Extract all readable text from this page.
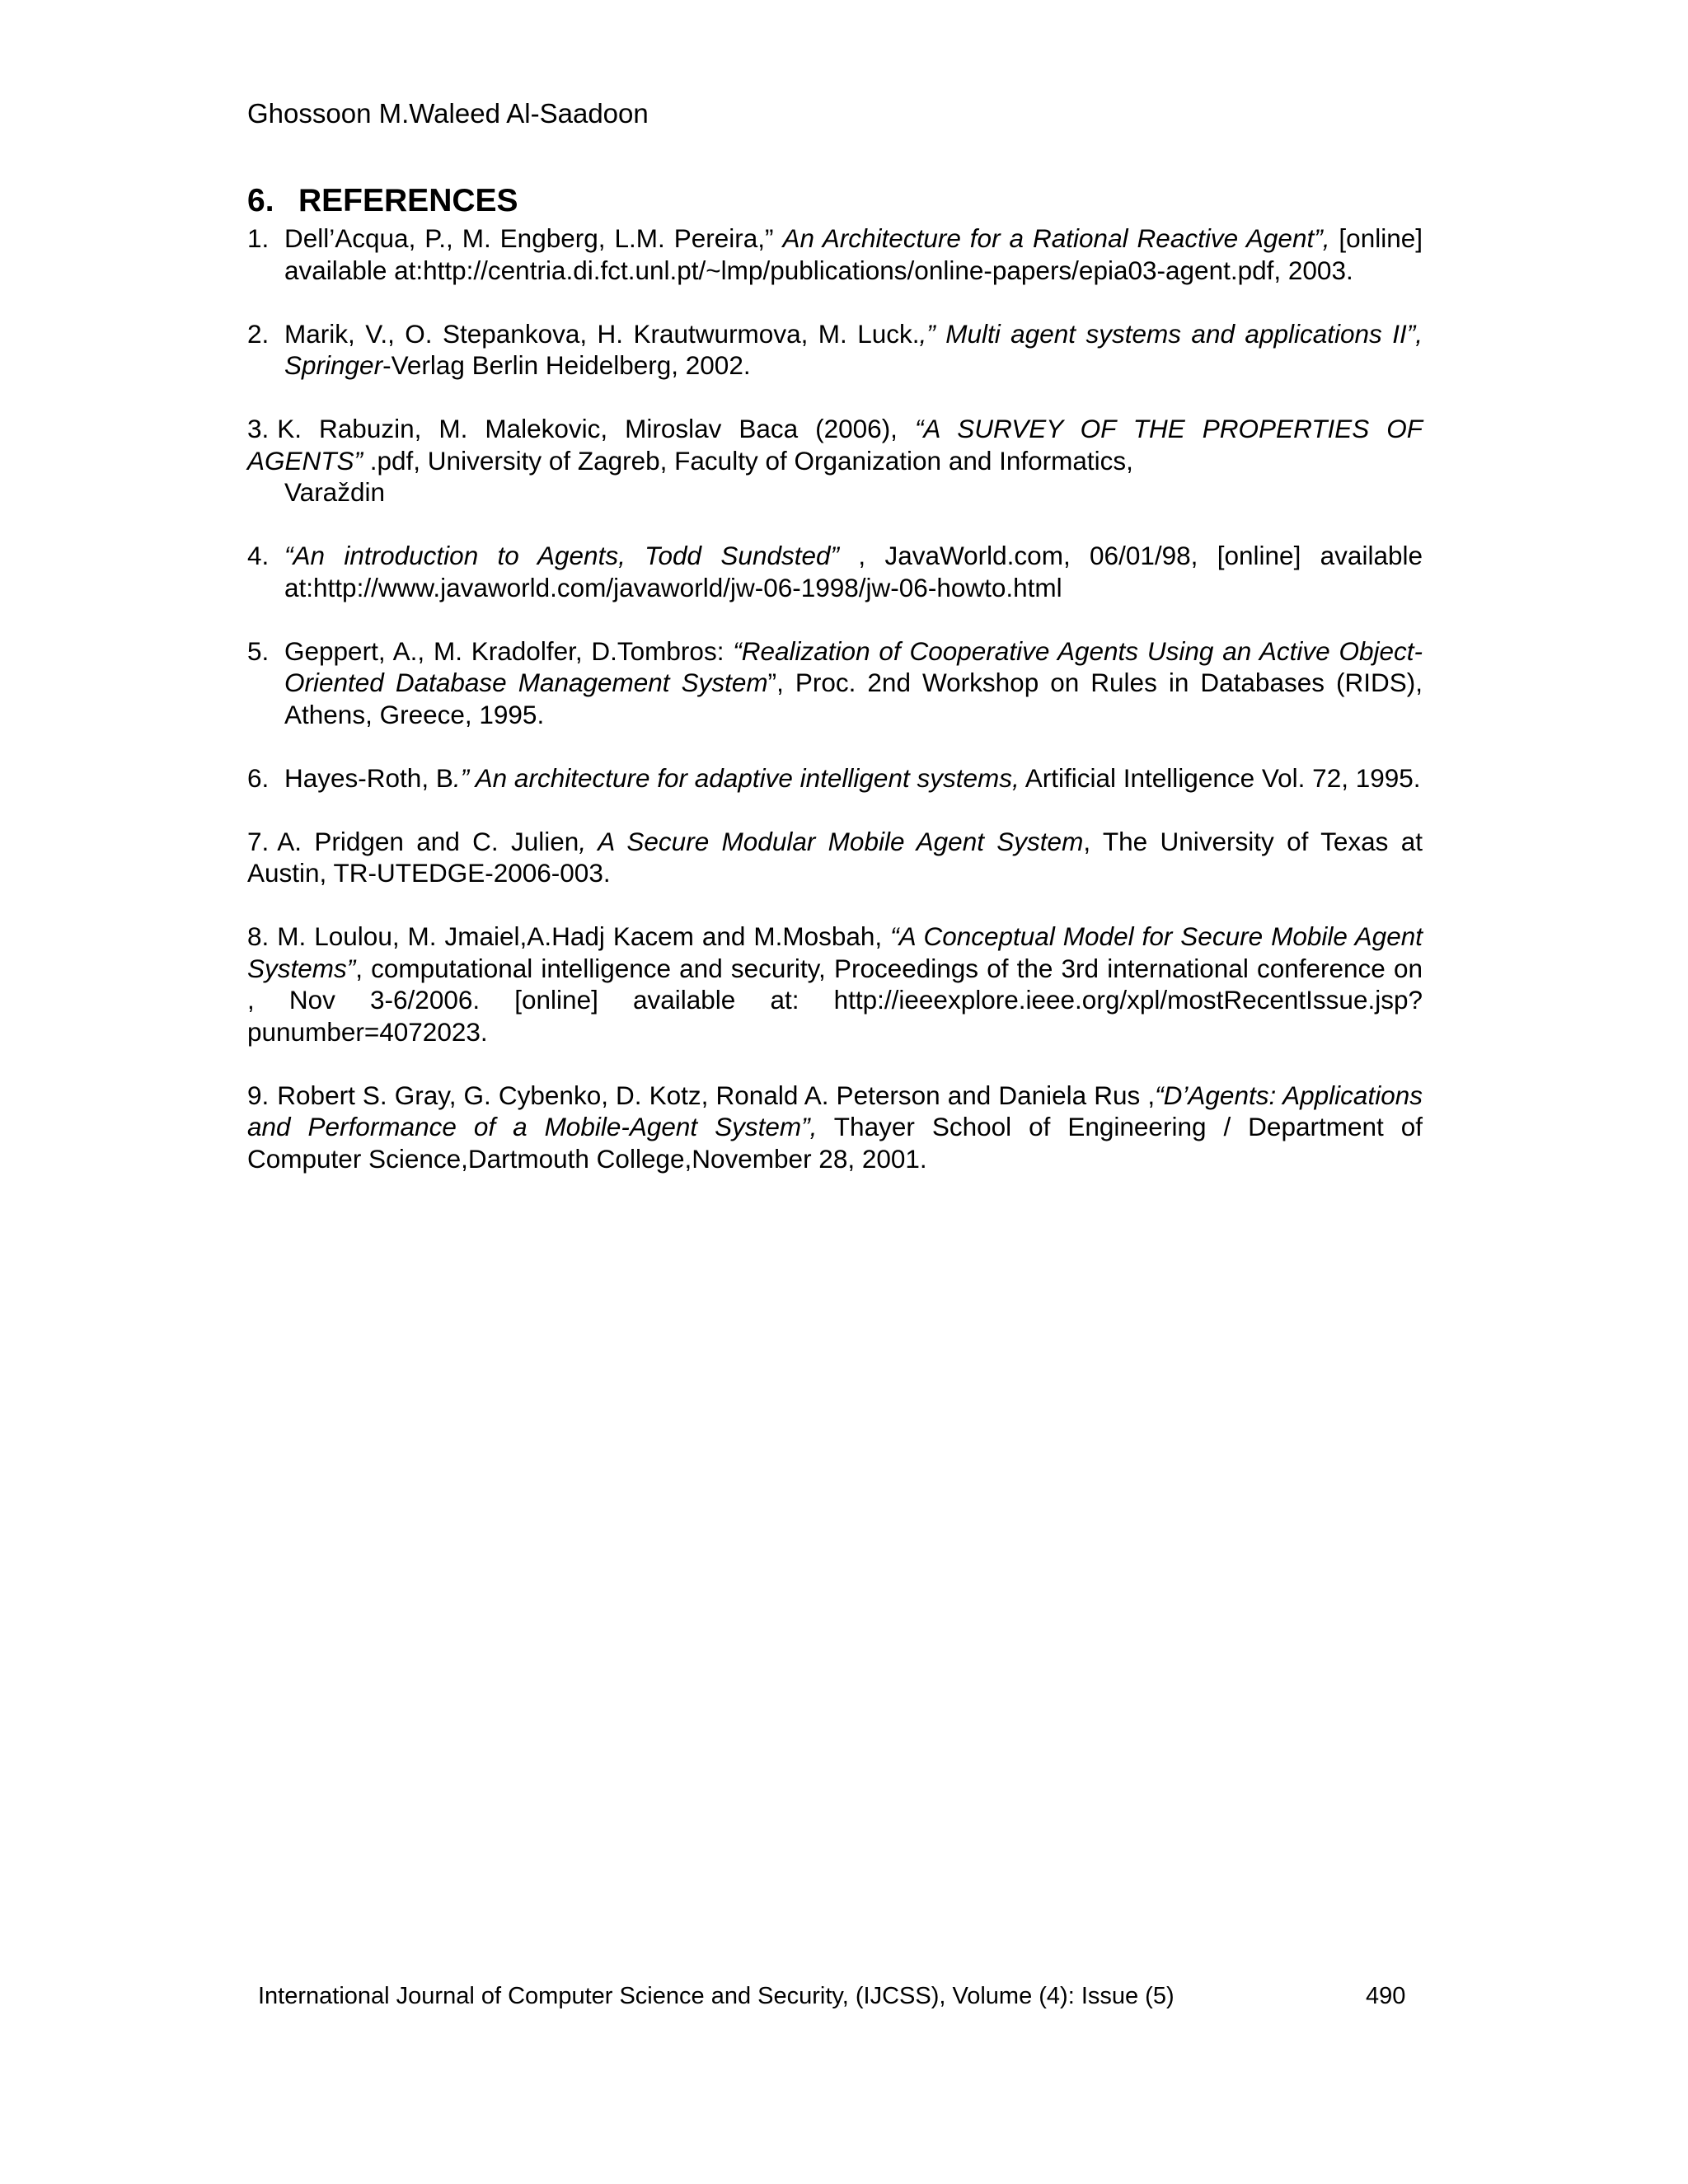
Ghossoon M.Waleed Al-Saadoon
6. REFERENCES
1. Dell’Acqua, P., M. Engberg, L.M. Pereira,” An Architecture for a Rational Reactive Agent”, [online] available at:http://centria.di.fct.unl.pt/~lmp/publications/online-papers/epia03-agent.pdf, 2003.
2. Marik, V., O. Stepankova, H. Krautwurmova, M. Luck.,” Multi agent systems and applications II”, Springer-Verlag Berlin Heidelberg, 2002.
3. K. Rabuzin, M. Malekovic, Miroslav Baca (2006), “A SURVEY OF THE PROPERTIES OF AGENTS” .pdf, University of Zagreb, Faculty of Organization and Informatics,
Varaždin
4. “An introduction to Agents, Todd Sundsted” , JavaWorld.com, 06/01/98, [online] available at:http://www.javaworld.com/javaworld/jw-06-1998/jw-06-howto.html
5. Geppert, A., M. Kradolfer, D.Tombros: “Realization of Cooperative Agents Using an Active Object-Oriented Database Management System”, Proc. 2nd Workshop on Rules in Databases (RIDS), Athens, Greece, 1995.
6. Hayes-Roth, B.” An architecture for adaptive intelligent systems, Artificial Intelligence Vol. 72, 1995.
7. A. Pridgen and C. Julien, A Secure Modular Mobile Agent System, The University of Texas at Austin, TR-UTEDGE-2006-003.
8. M. Loulou, M. Jmaiel,A.Hadj Kacem and M.Mosbah, “A Conceptual Model for Secure Mobile Agent Systems”, computational intelligence and security, Proceedings of the 3rd international conference on , Nov 3-6/2006. [online] available at: http://ieeexplore.ieee.org/xpl/mostRecentIssue.jsp?punumber=4072023.
9. Robert S. Gray, G. Cybenko, D. Kotz, Ronald A. Peterson and Daniela Rus ,“D’Agents: Applications and Performance of a Mobile-Agent System”, Thayer School of Engineering / Department of Computer Science,Dartmouth College,November 28, 2001.
International Journal of Computer Science and Security, (IJCSS), Volume (4): Issue (5)	490
